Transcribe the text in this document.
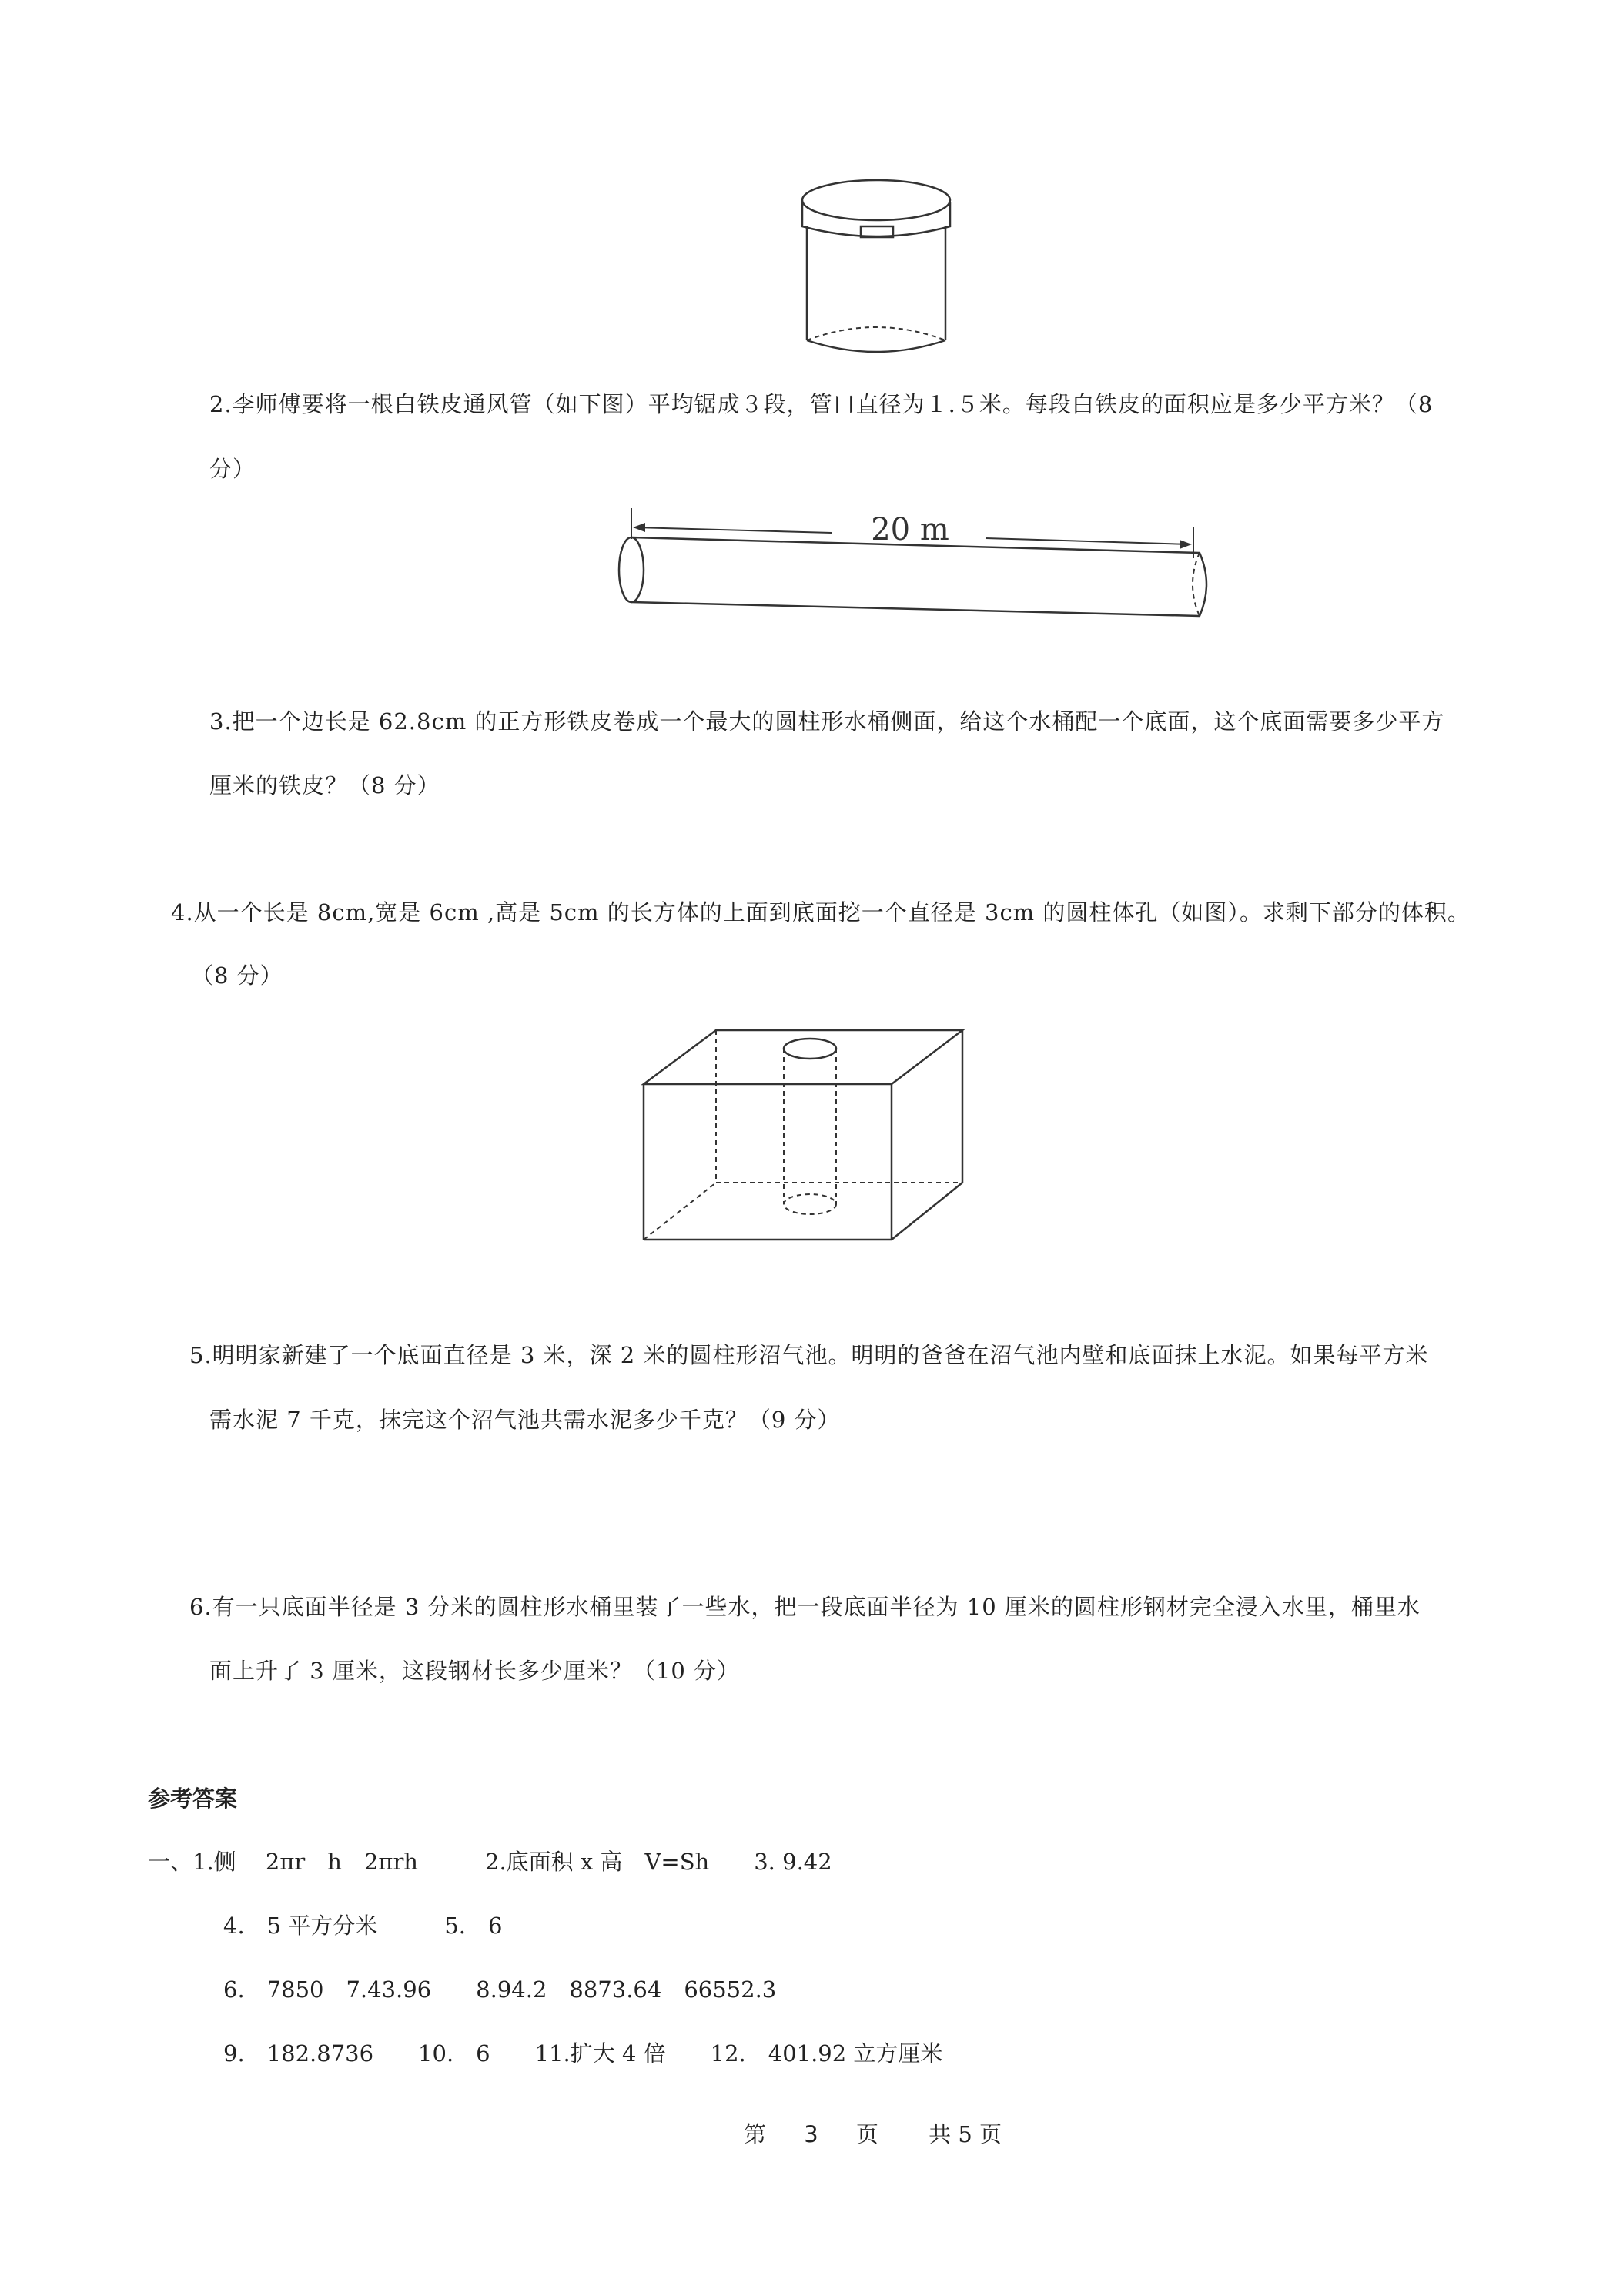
2.李师傅要将一根白铁皮通风管（如下图）平均锯成３段，管口直径为１.５米。每段白铁皮的面积应是多少平方米？（8
分）
20 m
3.把一个边长是 62.8cm 的正方形铁皮卷成一个最大的圆柱形水桶侧面，给这个水桶配一个底面，这个底面需要多少平方
厘米的铁皮？（8 分）
4.从一个长是 8cm,宽是 6cm ,高是 5cm 的长方体的上面到底面挖一个直径是 3cm 的圆柱体孔（如图）。求剩下部分的体积。
（8 分）
5.明明家新建了一个底面直径是 3 米，深 2 米的圆柱形沼气池。明明的爸爸在沼气池内壁和底面抹上水泥。如果每平方米
需水泥 7 千克，抹完这个沼气池共需水泥多少千克？（9 分）
6.有一只底面半径是 3 分米的圆柱形水桶里装了一些水，把一段底面半径为 10 厘米的圆柱形钢材完全浸入水里，桶里水
面上升了 3 厘米，这段钢材长多少厘米？（10 分）
参考答案
一、1.侧　 2πr　h　2πrh　　　2.底面积 x 高　V=Sh　　3. 9.42
4.　5 平方分米　　　5.　6
6.　7850　7.43.96　　8.94.2　8873.64　66552.3
9.　182.8736　　10.　6　　11.扩大 4 倍　　12.　401.92 立方厘米
第 3 页 共 5 页
